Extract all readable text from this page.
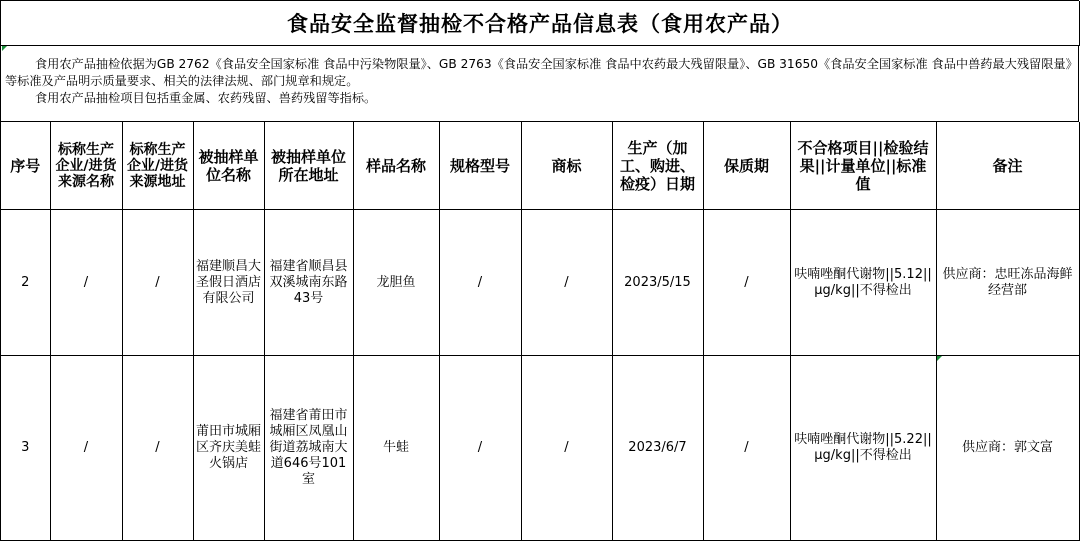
食品安全监督抽检不合格产品信息表（食用农产品）

食用农产品抽检依据为GB 2762《食品安全国家标准 食品中污染物限量》、GB 2763《食品安全国家标准 食品中农药最大残留限量》、GB 31650《食品安全国家标准 食品中兽药最大残留限量》等标准及产品明示质量要求、相关的法律法规、部门规章和规定。

食用农产品抽检项目包括重金属、农药残留、兽药残留等指标。

序号	标称生产企业/进货来源名称	标称生产企业/进货来源地址	被抽样单位名称	被抽样单位所在地址	样品名称	规格型号	商标	生产（加工、购进、检疫）日期	保质期	不合格项目||检验结果||计量单位||标准值	备注
2	/	/	福建顺昌大圣假日酒店有限公司	福建省顺昌县双溪城南东路43号	龙胆鱼	/	/	2023/5/15	/	呋喃唑酮代谢物||5.12||μg/kg||不得检出	供应商：忠旺冻品海鲜经营部
3	/	/	莆田市城厢区齐庆美蛙火锅店	福建省莆田市城厢区凤凰山街道荔城南大道646号101室	牛蛙	/	/	2023/6/7	/	呋喃唑酮代谢物||5.22||μg/kg||不得检出	供应商：郭文富
